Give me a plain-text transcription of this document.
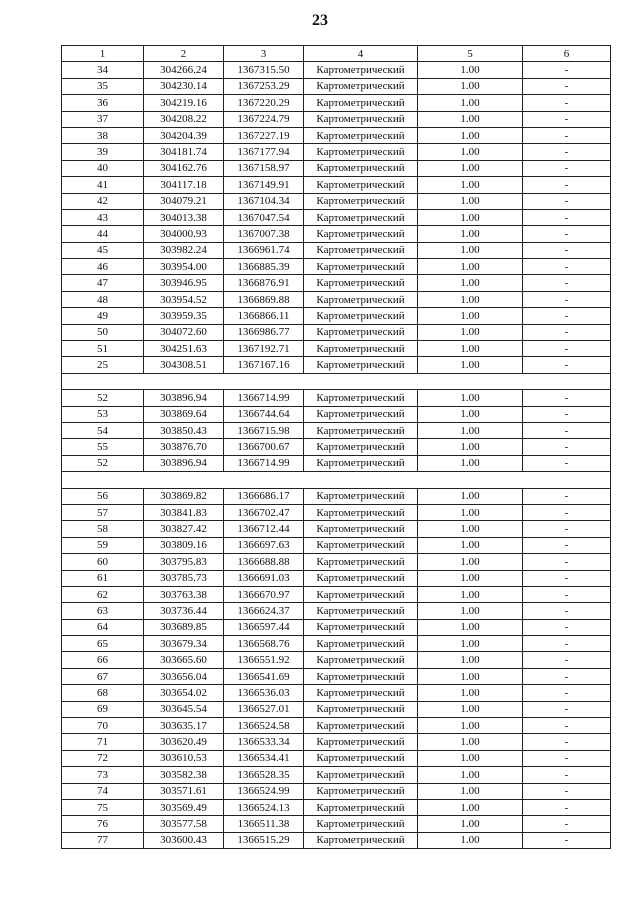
23
1	2	3	4	5	6
34	304266.24	1367315.50	Картометрический	1.00	-
35	304230.14	1367253.29	Картометрический	1.00	-
36	304219.16	1367220.29	Картометрический	1.00	-
37	304208.22	1367224.79	Картометрический	1.00	-
38	304204.39	1367227.19	Картометрический	1.00	-
39	304181.74	1367177.94	Картометрический	1.00	-
40	304162.76	1367158.97	Картометрический	1.00	-
41	304117.18	1367149.91	Картометрический	1.00	-
42	304079.21	1367104.34	Картометрический	1.00	-
43	304013.38	1367047.54	Картометрический	1.00	-
44	304000.93	1367007.38	Картометрический	1.00	-
45	303982.24	1366961.74	Картометрический	1.00	-
46	303954.00	1366885.39	Картометрический	1.00	-
47	303946.95	1366876.91	Картометрический	1.00	-
48	303954.52	1366869.88	Картометрический	1.00	-
49	303959.35	1366866.11	Картометрический	1.00	-
50	304072.60	1366986.77	Картометрический	1.00	-
51	304251.63	1367192.71	Картометрический	1.00	-
25	304308.51	1367167.16	Картометрический	1.00	-

52	303896.94	1366714.99	Картометрический	1.00	-
53	303869.64	1366744.64	Картометрический	1.00	-
54	303850.43	1366715.98	Картометрический	1.00	-
55	303876.70	1366700.67	Картометрический	1.00	-
52	303896.94	1366714.99	Картометрический	1.00	-

56	303869.82	1366686.17	Картометрический	1.00	-
57	303841.83	1366702.47	Картометрический	1.00	-
58	303827.42	1366712.44	Картометрический	1.00	-
59	303809.16	1366697.63	Картометрический	1.00	-
60	303795.83	1366688.88	Картометрический	1.00	-
61	303785.73	1366691.03	Картометрический	1.00	-
62	303763.38	1366670.97	Картометрический	1.00	-
63	303736.44	1366624.37	Картометрический	1.00	-
64	303689.85	1366597.44	Картометрический	1.00	-
65	303679.34	1366568.76	Картометрический	1.00	-
66	303665.60	1366551.92	Картометрический	1.00	-
67	303656.04	1366541.69	Картометрический	1.00	-
68	303654.02	1366536.03	Картометрический	1.00	-
69	303645.54	1366527.01	Картометрический	1.00	-
70	303635.17	1366524.58	Картометрический	1.00	-
71	303620.49	1366533.34	Картометрический	1.00	-
72	303610.53	1366534.41	Картометрический	1.00	-
73	303582.38	1366528.35	Картометрический	1.00	-
74	303571.61	1366524.99	Картометрический	1.00	-
75	303569.49	1366524.13	Картометрический	1.00	-
76	303577.58	1366511.38	Картометрический	1.00	-
77	303600.43	1366515.29	Картометрический	1.00	-
